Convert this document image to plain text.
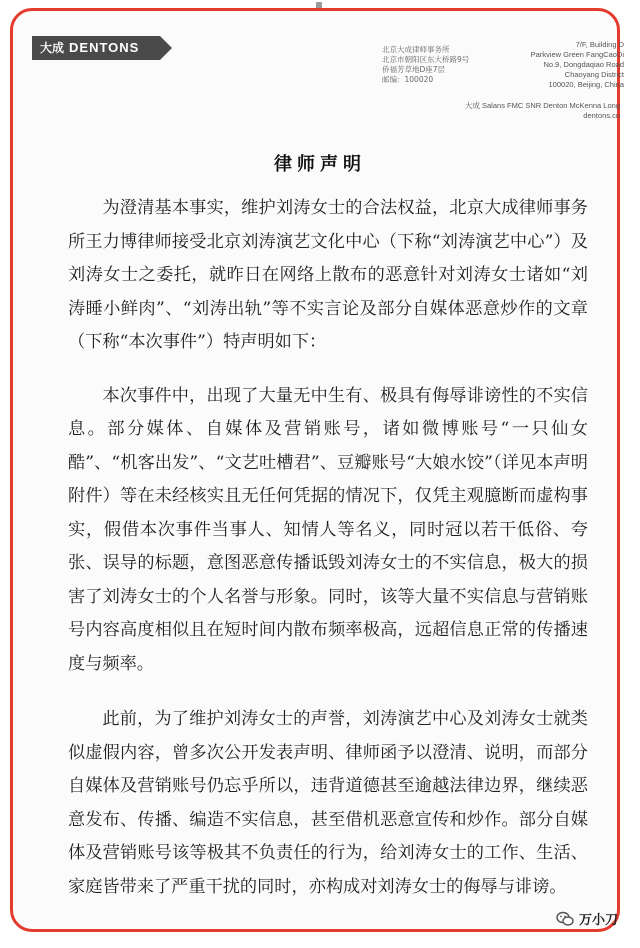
大成 DENTONS	北京大成律师事务所
北京市朝阳区东大桥路9号
侨福芳草地D座7层
邮编：100020
7/F, Building D
Parkview Green FangCaoDi
No.9, Dongdaqiao Road
Chaoyang District
100020, Beijing, China
大成 Salans FMC SNR Denton McKenna Long
dentons.cn
律师声明

为澄清基本事实，维护刘涛女士的合法权益，北京大成律师事务所王力博律师接受北京刘涛演艺文化中心（下称“刘涛演艺中心”）及刘涛女士之委托，就昨日在网络上散布的恶意针对刘涛女士诸如“刘涛睡小鲜肉”、“刘涛出轨”等不实言论及部分自媒体恶意炒作的文章（下称“本次事件”）特声明如下：

本次事件中，出现了大量无中生有、极具有侮辱诽谤性的不实信息。部分媒体、自媒体及营销账号，诸如微博账号“一只仙女酷”、“机客出发”、“文艺吐槽君”、豆瓣账号“大娘水饺”（详见本声明附件）等在未经核实且无任何凭据的情况下，仅凭主观臆断而虚构事实，假借本次事件当事人、知情人等名义，同时冠以若干低俗、夸张、误导的标题，意图恶意传播诋毁刘涛女士的不实信息，极大的损害了刘涛女士的个人名誉与形象。同时，该等大量不实信息与营销账号内容高度相似且在短时间内散布频率极高，远超信息正常的传播速度与频率。

此前，为了维护刘涛女士的声誉，刘涛演艺中心及刘涛女士就类似虚假内容，曾多次公开发表声明、律师函予以澄清、说明，而部分自媒体及营销账号仍忘乎所以，违背道德甚至逾越法律边界，继续恶意发布、传播、编造不实信息，甚至借机恶意宣传和炒作。部分自媒体及营销账号该等极其不负责任的行为，给刘涛女士的工作、生活、家庭皆带来了严重干扰的同时，亦构成对刘涛女士的侮辱与诽谤。

万小刀
